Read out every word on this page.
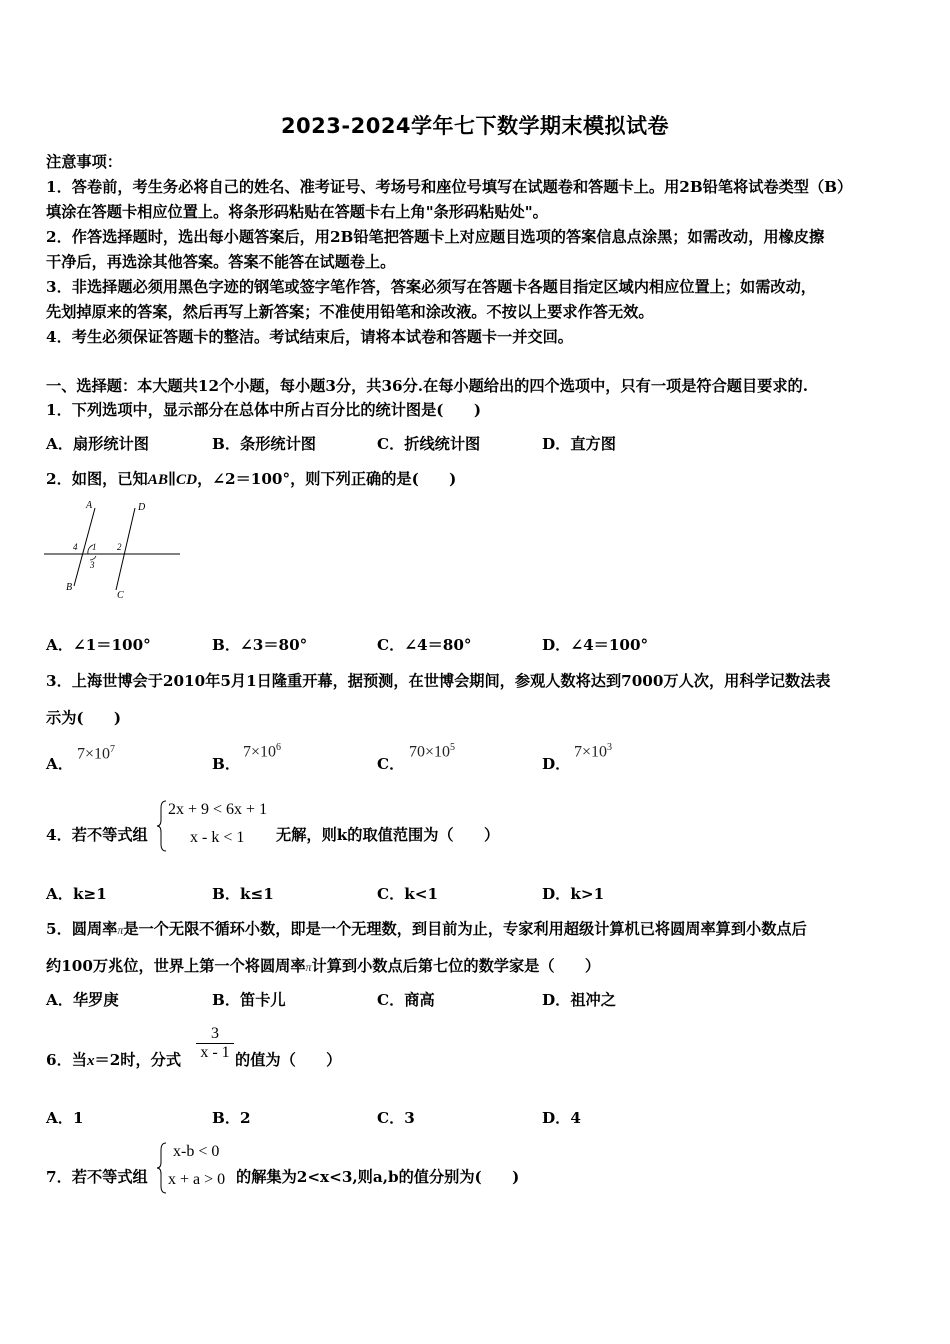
2023-2024学年七下数学期末模拟试卷
注意事项：
1．答卷前，考生务必将自己的姓名、准考证号、考场号和座位号填写在试题卷和答题卡上。用2B铅笔将试卷类型（B）
填涂在答题卡相应位置上。将条形码粘贴在答题卡右上角"条形码粘贴处"。
2．作答选择题时，选出每小题答案后，用2B铅笔把答题卡上对应题目选项的答案信息点涂黑；如需改动，用橡皮擦
干净后，再选涂其他答案。答案不能答在试题卷上。
3．非选择题必须用黑色字迹的钢笔或签字笔作答，答案必须写在答题卡各题目指定区域内相应位置上；如需改动，
先划掉原来的答案，然后再写上新答案；不准使用铅笔和涂改液。不按以上要求作答无效。
4．考生必须保证答题卡的整洁。考试结束后，请将本试卷和答题卡一并交回。
一、选择题：本大题共12个小题，每小题3分，共36分.在每小题给出的四个选项中，只有一项是符合题目要求的.
1．下列选项中，显示部分在总体中所占百分比的统计图是(　　)
A．扇形统计图	B．条形统计图	C．折线统计图	D．直方图
2．如图，已知AB∥CD，∠2＝100°，则下列正确的是(　　)
A	D
4 1 2
3
B
C
A．∠1＝100°	B．∠3＝80°	C．∠4＝80°	D．∠4＝100°
3．上海世博会于2010年5月1日隆重开幕，据预测，在世博会期间，参观人数将达到7000万人次，用科学记数法表
示为(　　)
A．
$7\times 10^7$
B．
$7\times 10^6$
C．
$70\times 10^5$
D．
$7\times 10^3$
4．若不等式组
2x + 9 < 6x + 1
x - k < 1 无解，则k的取值范围为（　　）
A．k≥1	B．k≤1	C．k<1	D．k>1
5．圆周率π是一个无限不循环小数，即是一个无理数，到目前为止，专家利用超级计算机已将圆周率算到小数点后
约100万兆位，世界上第一个将圆周率π计算到小数点后第七位的数学家是（　　）
A．华罗庚	B．笛卡儿	C．商高	D．祖冲之
6．当x＝2时，分式 $\frac{3}{x - 1}$ 的值为（　　）
A．1	B．2	C．3	D．4
7．若不等式组
x-b < 0
x + a > 0 的解集为2<x<3,则a,b的值分别为(　　)
